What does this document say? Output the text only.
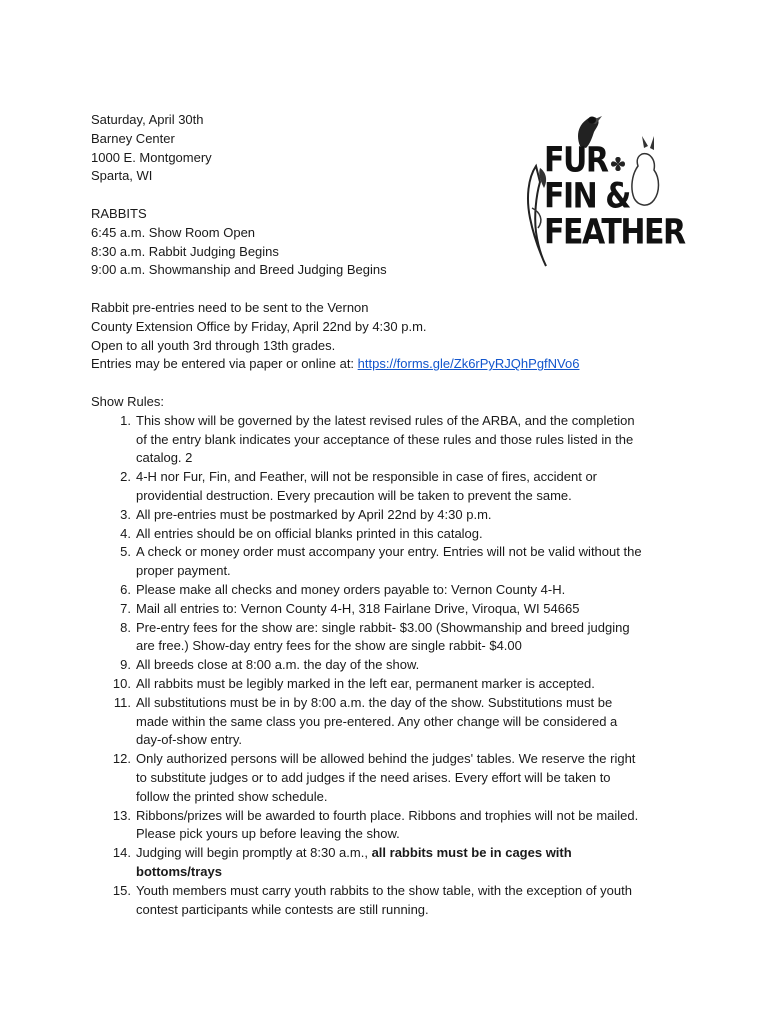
Saturday, April 30th
Barney Center
1000 E. Montgomery
Sparta, WI
RABBITS
6:45 a.m. Show Room Open
8:30 a.m. Rabbit Judging Begins
9:00 a.m. Showmanship and Breed Judging Begins
FUR
FIN &
FEATHER
Rabbit pre-entries need to be sent to the Vernon
County Extension Office by Friday, April 22nd by 4:30 p.m.
Open to all youth 3rd through 13th grades.
Entries may be entered via paper or online at: https://forms.gle/Zk6rPyRJQhPgfNVo6
Show Rules:
1. This show will be governed by the latest revised rules of the ARBA, and the completion
of the entry blank indicates your acceptance of these rules and those rules listed in the
catalog. 2
2. 4-H nor Fur, Fin, and Feather, will not be responsible in case of fires, accident or
providential destruction. Every precaution will be taken to prevent the same.
3. All pre-entries must be postmarked by April 22nd by 4:30 p.m.
4. All entries should be on official blanks printed in this catalog.
5. A check or money order must accompany your entry. Entries will not be valid without the
proper payment.
6. Please make all checks and money orders payable to: Vernon County 4-H.
7. Mail all entries to: Vernon County 4-H, 318 Fairlane Drive, Viroqua, WI 54665
8. Pre-entry fees for the show are: single rabbit- $3.00 (Showmanship and breed judging
are free.) Show-day entry fees for the show are single rabbit- $4.00
9. All breeds close at 8:00 a.m. the day of the show.
10. All rabbits must be legibly marked in the left ear, permanent marker is accepted.
11. All substitutions must be in by 8:00 a.m. the day of the show. Substitutions must be
made within the same class you pre-entered. Any other change will be considered a
day-of-show entry.
12. Only authorized persons will be allowed behind the judges' tables. We reserve the right
to substitute judges or to add judges if the need arises. Every effort will be taken to
follow the printed show schedule.
13. Ribbons/prizes will be awarded to fourth place. Ribbons and trophies will not be mailed.
Please pick yours up before leaving the show.
14. Judging will begin promptly at 8:30 a.m., all rabbits must be in cages with
bottoms/trays
15. Youth members must carry youth rabbits to the show table, with the exception of youth
contest participants while contests are still running.
